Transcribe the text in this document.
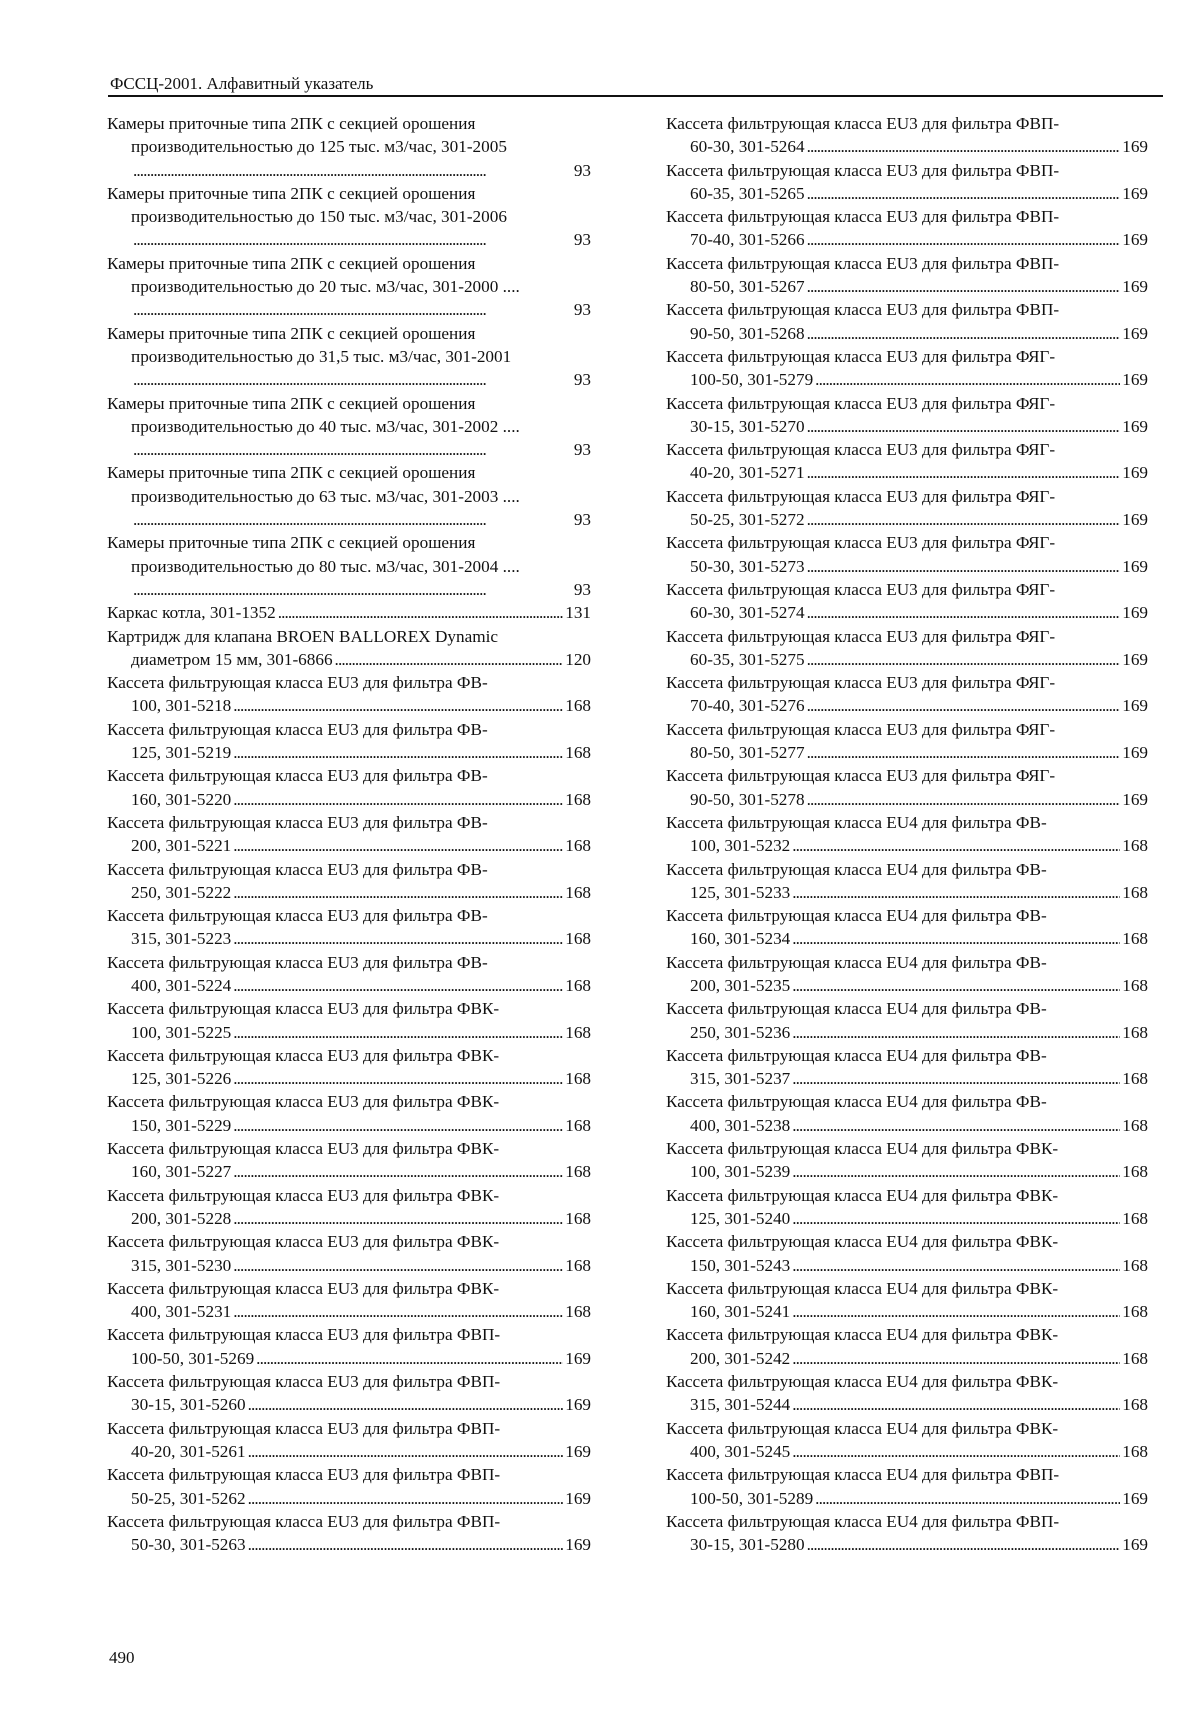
ФССЦ-2001. Алфавитный указатель
Камеры приточные типа 2ПК с секцией орошения
производительностью до 125 тыс. м3/час, 301-2005
. . .
93
Камеры приточные типа 2ПК с секцией орошения
производительностью до 150 тыс. м3/час, 301-2006
. . .
93
Камеры приточные типа 2ПК с секцией орошения
производительностью до 20 тыс. м3/час, 301-2000 ....
. . .
93
Камеры приточные типа 2ПК с секцией орошения
производительностью до 31,5 тыс. м3/час, 301-2001
. . .
93
Камеры приточные типа 2ПК с секцией орошения
производительностью до 40 тыс. м3/час, 301-2002 ....
. . .
93
Камеры приточные типа 2ПК с секцией орошения
производительностью до 63 тыс. м3/час, 301-2003 ....
. . .
93
Камеры приточные типа 2ПК с секцией орошения
производительностью до 80 тыс. м3/час, 301-2004 ....
. . .
93
Каркас котла, 301-1352 . . .	131
Картридж для клапана BROEN BALLOREX Dynamic
диаметром 15 мм, 301-6866 . . .	120
Кассета фильтрующая класса EU3 для фильтра ФВ-
100, 301-5218 . . .	168
Кассета фильтрующая класса EU3 для фильтра ФВ-
125, 301-5219 . . .	168
Кассета фильтрующая класса EU3 для фильтра ФВ-
160, 301-5220 . . .	168
Кассета фильтрующая класса EU3 для фильтра ФВ-
200, 301-5221 . . .	168
Кассета фильтрующая класса EU3 для фильтра ФВ-
250, 301-5222 . . .	168
Кассета фильтрующая класса EU3 для фильтра ФВ-
315, 301-5223 . . .	168
Кассета фильтрующая класса EU3 для фильтра ФВ-
400, 301-5224 . . .	168
Кассета фильтрующая класса EU3 для фильтра ФВК-
100, 301-5225 . . .	168
Кассета фильтрующая класса EU3 для фильтра ФВК-
125, 301-5226 . . .	168
Кассета фильтрующая класса EU3 для фильтра ФВК-
150, 301-5229 . . .	168
Кассета фильтрующая класса EU3 для фильтра ФВК-
160, 301-5227 . . .	168
Кассета фильтрующая класса EU3 для фильтра ФВК-
200, 301-5228 . . .	168
Кассета фильтрующая класса EU3 для фильтра ФВК-
315, 301-5230 . . .	168
Кассета фильтрующая класса EU3 для фильтра ФВК-
400, 301-5231 . . .	168
Кассета фильтрующая класса EU3 для фильтра ФВП-
100-50, 301-5269 . . .	169
Кассета фильтрующая класса EU3 для фильтра ФВП-
30-15, 301-5260 . . .	169
Кассета фильтрующая класса EU3 для фильтра ФВП-
40-20, 301-5261 . . .	169
Кассета фильтрующая класса EU3 для фильтра ФВП-
50-25, 301-5262 . . .	169
Кассета фильтрующая класса EU3 для фильтра ФВП-
50-30, 301-5263 . . .	169
Кассета фильтрующая класса EU3 для фильтра ФВП-
60-30, 301-5264 . . .	169
Кассета фильтрующая класса EU3 для фильтра ФВП-
60-35, 301-5265 . . .	169
Кассета фильтрующая класса EU3 для фильтра ФВП-
70-40, 301-5266 . . .	169
Кассета фильтрующая класса EU3 для фильтра ФВП-
80-50, 301-5267 . . .	169
Кассета фильтрующая класса EU3 для фильтра ФВП-
90-50, 301-5268 . . .	169
Кассета фильтрующая класса EU3 для фильтра ФЯГ-
100-50, 301-5279 . . .	169
Кассета фильтрующая класса EU3 для фильтра ФЯГ-
30-15, 301-5270 . . .	169
Кассета фильтрующая класса EU3 для фильтра ФЯГ-
40-20, 301-5271 . . .	169
Кассета фильтрующая класса EU3 для фильтра ФЯГ-
50-25, 301-5272 . . .	169
Кассета фильтрующая класса EU3 для фильтра ФЯГ-
50-30, 301-5273 . . .	169
Кассета фильтрующая класса EU3 для фильтра ФЯГ-
60-30, 301-5274 . . .	169
Кассета фильтрующая класса EU3 для фильтра ФЯГ-
60-35, 301-5275 . . .	169
Кассета фильтрующая класса EU3 для фильтра ФЯГ-
70-40, 301-5276 . . .	169
Кассета фильтрующая класса EU3 для фильтра ФЯГ-
80-50, 301-5277 . . .	169
Кассета фильтрующая класса EU3 для фильтра ФЯГ-
90-50, 301-5278 . . .	169
Кассета фильтрующая класса EU4 для фильтра ФВ-
100, 301-5232 . . .	168
Кассета фильтрующая класса EU4 для фильтра ФВ-
125, 301-5233 . . .	168
Кассета фильтрующая класса EU4 для фильтра ФВ-
160, 301-5234 . . .	168
Кассета фильтрующая класса EU4 для фильтра ФВ-
200, 301-5235 . . .	168
Кассета фильтрующая класса EU4 для фильтра ФВ-
250, 301-5236 . . .	168
Кассета фильтрующая класса EU4 для фильтра ФВ-
315, 301-5237 . . .	168
Кассета фильтрующая класса EU4 для фильтра ФВ-
400, 301-5238 . . .	168
Кассета фильтрующая класса EU4 для фильтра ФВК-
100, 301-5239 . . .	168
Кассета фильтрующая класса EU4 для фильтра ФВК-
125, 301-5240 . . .	168
Кассета фильтрующая класса EU4 для фильтра ФВК-
150, 301-5243 . . .	168
Кассета фильтрующая класса EU4 для фильтра ФВК-
160, 301-5241 . . .	168
Кассета фильтрующая класса EU4 для фильтра ФВК-
200, 301-5242 . . .	168
Кассета фильтрующая класса EU4 для фильтра ФВК-
315, 301-5244 . . .	168
Кассета фильтрующая класса EU4 для фильтра ФВК-
400, 301-5245 . . .	168
Кассета фильтрующая класса EU4 для фильтра ФВП-
100-50, 301-5289 . . .	169
Кассета фильтрующая класса EU4 для фильтра ФВП-
30-15, 301-5280 . . .	169
490
